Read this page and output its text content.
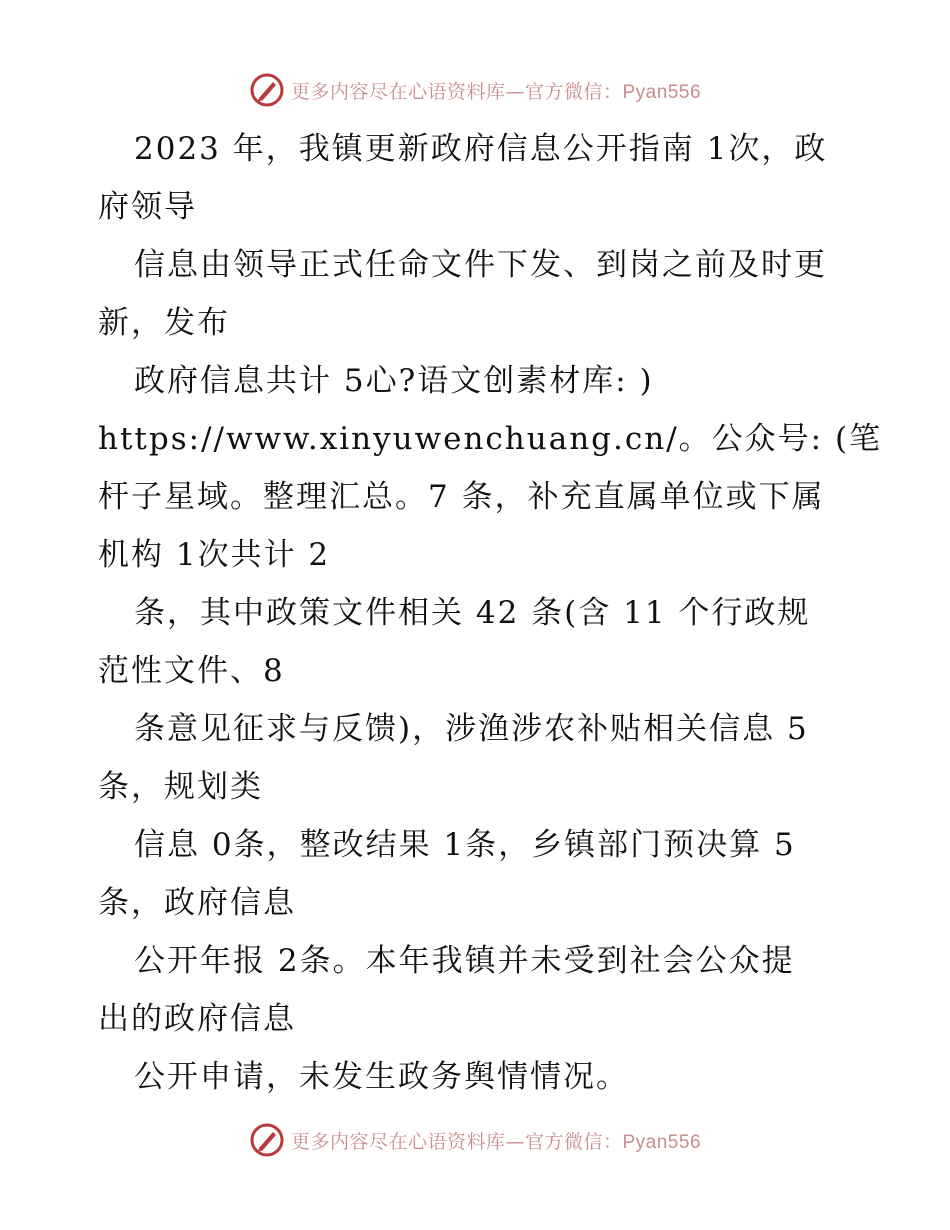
更多内容尽在心语资料库—官方微信：Pyan556
2023 年，我镇更新政府信息公开指南 1次，政
府领导
信息由领导正式任命文件下发、到岗之前及时更
新，发布
政府信息共计 5心?语文创素材库: )
https://www.xinyuwenchuang.cn/。公众号: (笔
杆子星域。整理汇总。7 条，补充直属单位或下属
机构 1次共计 2
条，其中政策文件相关 42 条(含 11 个行政规
范性文件、8
条意见征求与反馈)，涉渔涉农补贴相关信息 5
条，规划类
信息 0条，整改结果 1条，乡镇部门预决算 5
条，政府信息
公开年报 2条。本年我镇并未受到社会公众提
出的政府信息
公开申请，未发生政务舆情情况。
更多内容尽在心语资料库—官方微信：Pyan556
